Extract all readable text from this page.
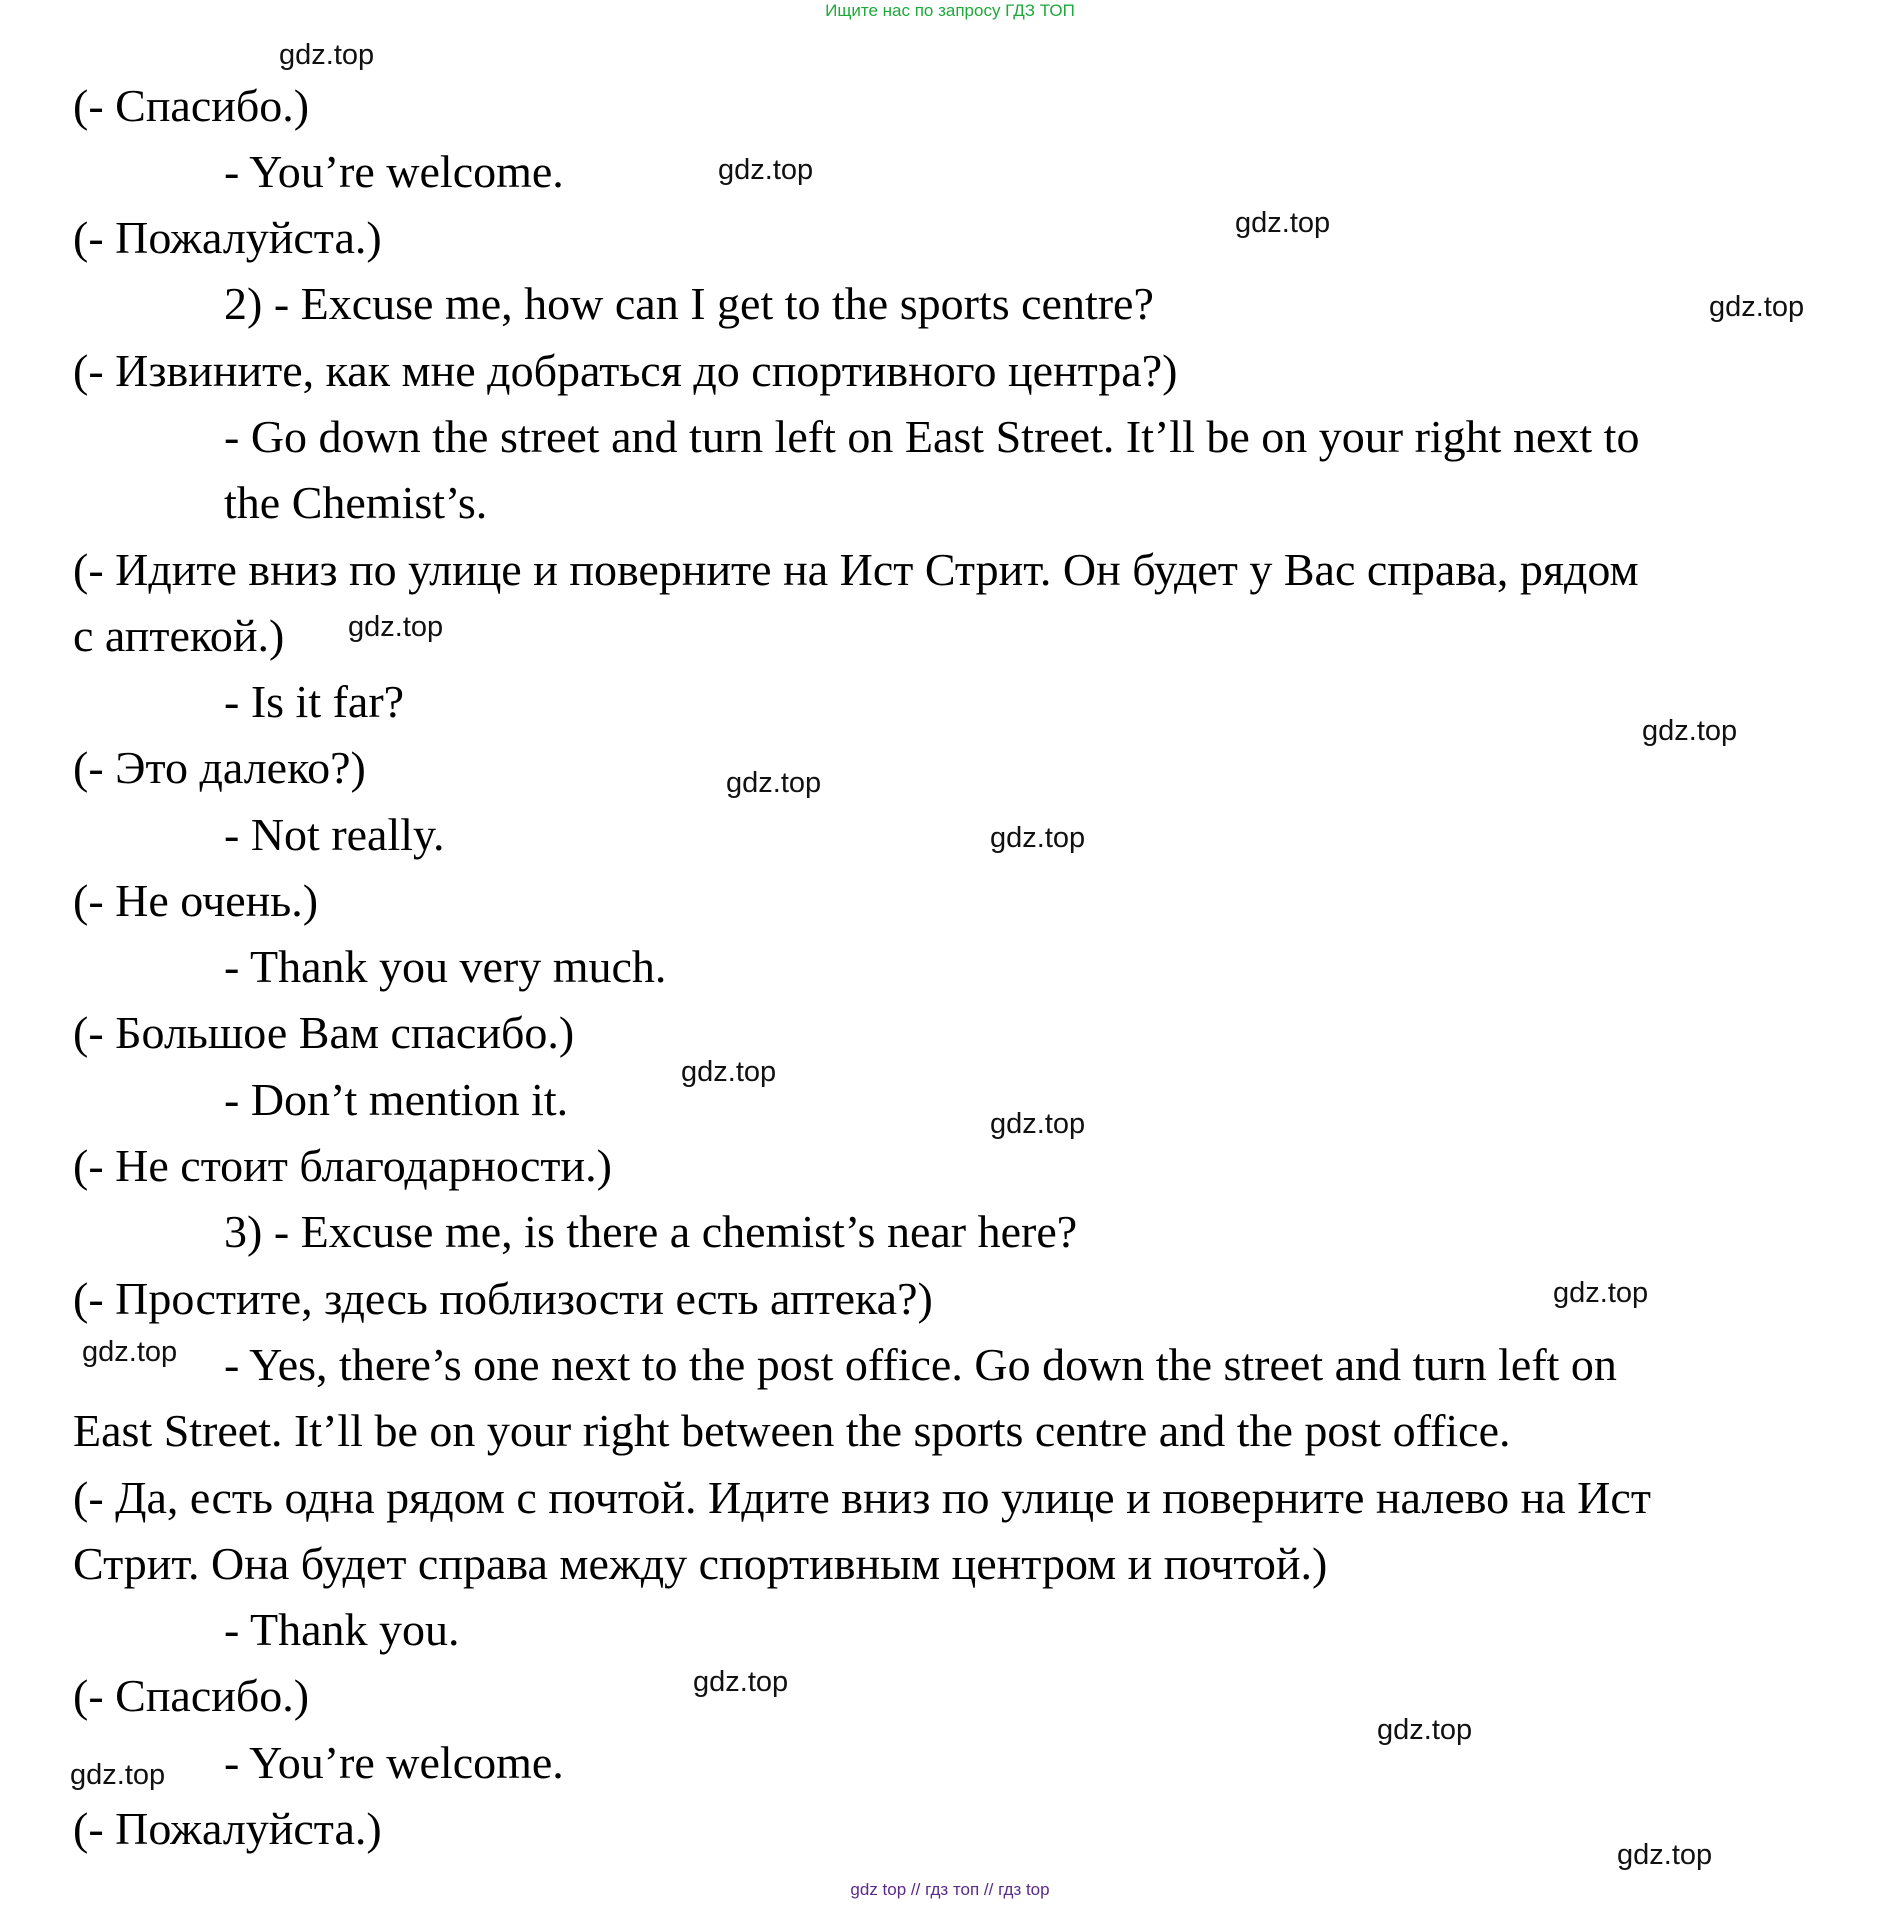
Ищите нас по запросу ГДЗ ТОП
gdz.top
gdz.top
gdz.top
gdz.top
gdz.top
gdz.top
gdz.top
gdz.top
gdz.top
gdz.top
gdz.top
gdz.top
gdz.top
gdz.top
gdz.top
gdz.top
(- Спасибо.)
- You’re welcome.
(- Пожалуйста.)
2) - Excuse me, how can I get to the sports centre?
(- Извините, как мне добраться до спортивного центра?)
- Go down the street and turn left on East Street. It’ll be on your right next to
the Chemist’s.
(- Идите вниз по улице и поверните на Ист Стрит. Он будет у Вас справа, рядом
с аптекой.)
- Is it far?
(- Это далеко?)
- Not really.
(- Не очень.)
- Thank you very much.
(- Большое Вам спасибо.)
- Don’t mention it.
(- Не стоит благодарности.)
3) - Excuse me, is there a chemist’s near here?
(- Простите, здесь поблизости есть аптека?)
- Yes, there’s one next to the post office. Go down the street and turn left on
East Street. It’ll be on your right between the sports centre and the post office.
(- Да, есть одна рядом с почтой. Идите вниз по улице и поверните налево на Ист
Стрит. Она будет справа между спортивным центром и почтой.)
- Thank you.
(- Спасибо.)
- You’re welcome.
(- Пожалуйста.)
gdz top // гдз топ // гдз top
